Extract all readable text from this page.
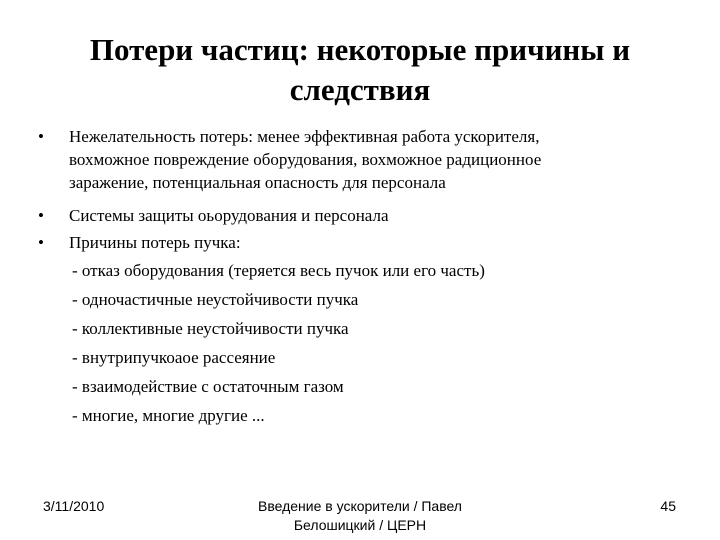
Потери частиц: некоторые причины и
следствия
• Нежелательность потерь: менее эффективная работа ускорителя,
вохможное повреждение оборудования, вохможное радиционное
заражение, потенциальная опасность для персонала
• Системы защиты оьорудования и персонала
• Причины потерь пучка:
- отказ оборудования (теряется весь пучок или его часть)
- одночастичные неустойчивости пучка
- коллективные неустойчивости пучка
- внутрипучкоаое рассеяние
- взаимодействие с остаточным газом
- многие, многие другие ...
3/11/2010	Введение в ускорители / Павел
Белошицкий / ЦЕРН
45
